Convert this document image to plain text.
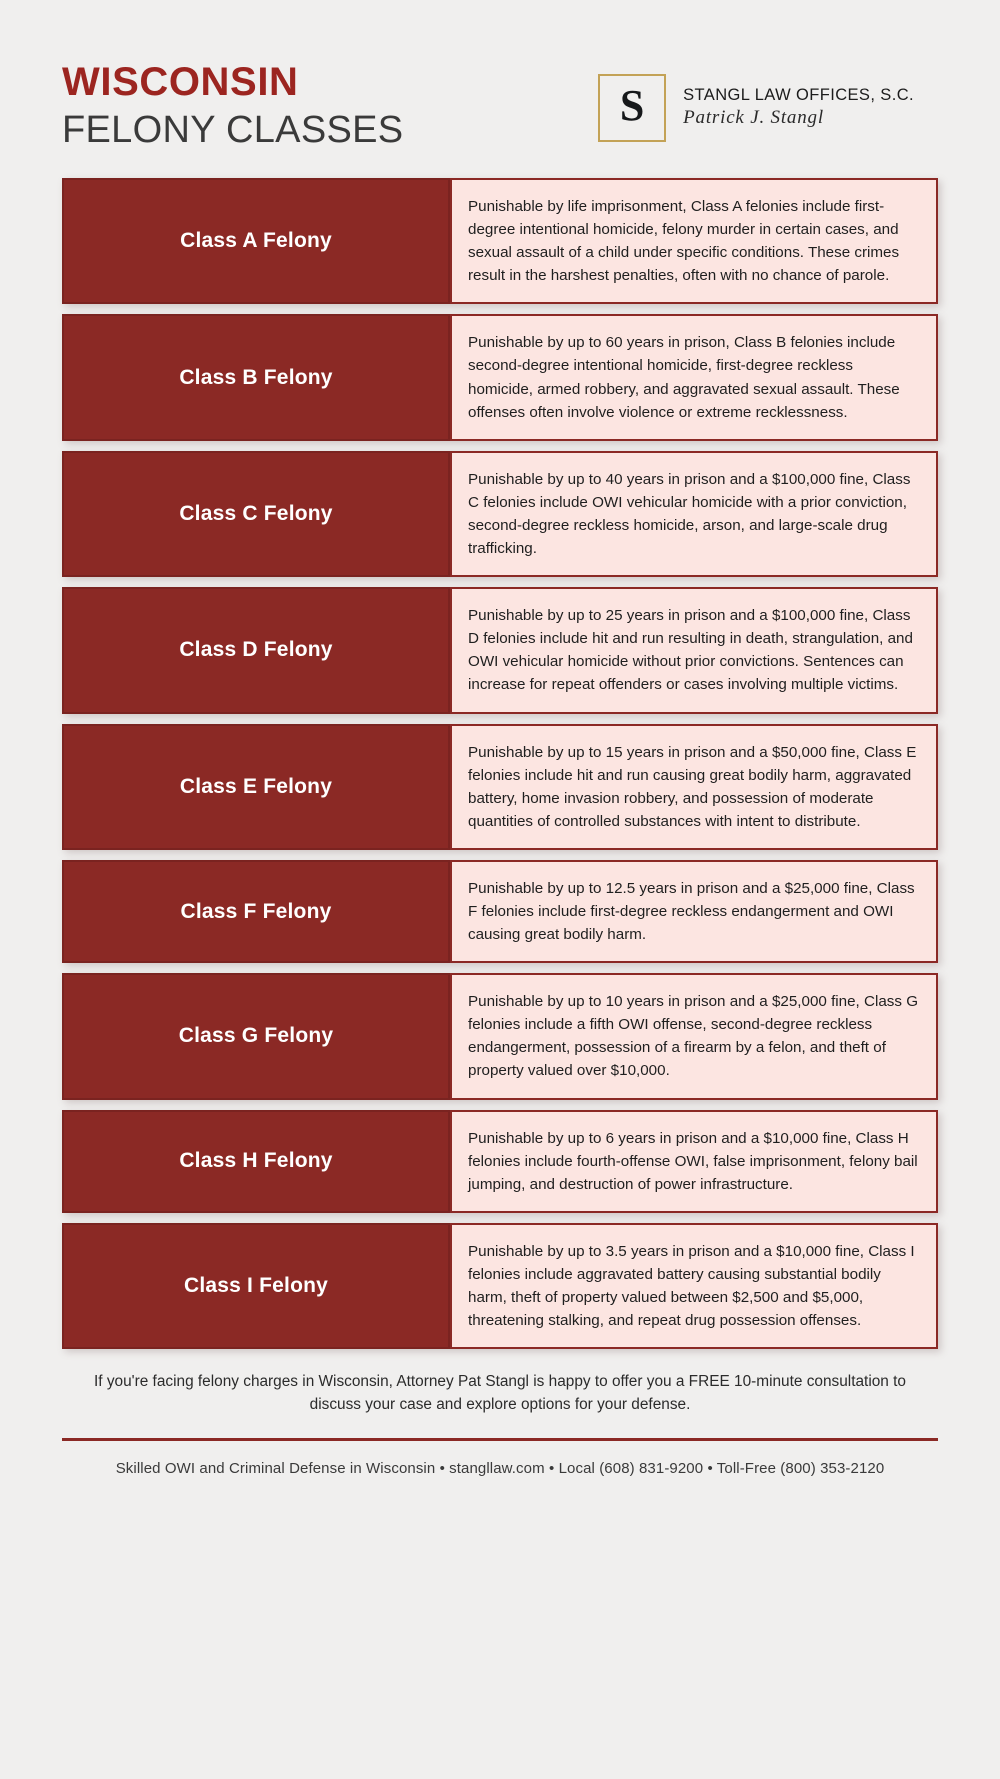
WISCONSIN
FELONY CLASSES	S STANGL LAW OFFICES, S.C.
Patrick J. Stangl
Class A Felony

Punishable by life imprisonment, Class A felonies include first-degree intentional homicide, felony murder in certain cases, and sexual assault of a child under specific conditions. These crimes result in the harshest penalties, often with no chance of parole.

Class B Felony

Punishable by up to 60 years in prison, Class B felonies include second-degree intentional homicide, first-degree reckless homicide, armed robbery, and aggravated sexual assault. These offenses often involve violence or extreme recklessness.

Class C Felony

Punishable by up to 40 years in prison and a $100,000 fine, Class C felonies include OWI vehicular homicide with a prior conviction, second-degree reckless homicide, arson, and large-scale drug trafficking.

Class D Felony

Punishable by up to 25 years in prison and a $100,000 fine, Class D felonies include hit and run resulting in death, strangulation, and OWI vehicular homicide without prior convictions. Sentences can increase for repeat offenders or cases involving multiple victims.

Class E Felony

Punishable by up to 15 years in prison and a $50,000 fine, Class E felonies include hit and run causing great bodily harm, aggravated battery, home invasion robbery, and possession of moderate quantities of controlled substances with intent to distribute.

Class F Felony

Punishable by up to 12.5 years in prison and a $25,000 fine, Class F felonies include first-degree reckless endangerment and OWI causing great bodily harm.

Class G Felony

Punishable by up to 10 years in prison and a $25,000 fine, Class G felonies include a fifth OWI offense, second-degree reckless endangerment, possession of a firearm by a felon, and theft of property valued over $10,000.

Class H Felony

Punishable by up to 6 years in prison and a $10,000 fine, Class H felonies include fourth-offense OWI, false imprisonment, felony bail jumping, and destruction of power infrastructure.

Class I Felony

Punishable by up to 3.5 years in prison and a $10,000 fine, Class I felonies include aggravated battery causing substantial bodily harm, theft of property valued between $2,500 and $5,000, threatening stalking, and repeat drug possession offenses.

If you're facing felony charges in Wisconsin, Attorney Pat Stangl is happy to offer you a FREE 10-minute consultation to discuss your case and explore options for your defense.
Skilled OWI and Criminal Defense in Wisconsin • stangllaw.com • Local (608) 831-9200 • Toll-Free (800) 353-2120
